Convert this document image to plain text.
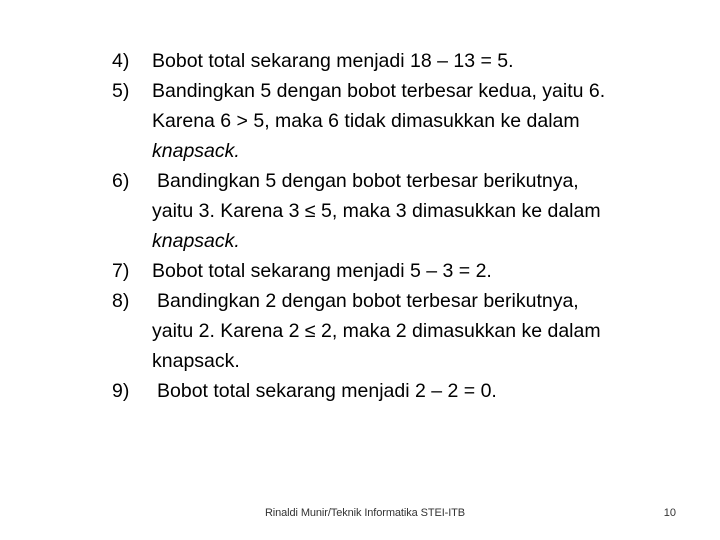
4)	Bobot total sekarang menjadi 18 – 13 = 5.
5)	Bandingkan 5 dengan bobot terbesar kedua, yaitu 6.
Karena 6 > 5, maka 6 tidak dimasukkan ke dalam
knapsack.
6)	Bandingkan 5 dengan bobot terbesar berikutnya,
yaitu 3. Karena 3 ≤ 5, maka 3 dimasukkan ke dalam
knapsack.
7)	Bobot total sekarang menjadi 5 – 3 = 2.
8)	Bandingkan 2 dengan bobot terbesar berikutnya,
yaitu 2. Karena 2 ≤ 2, maka 2 dimasukkan ke dalam
knapsack.
9)	Bobot total sekarang menjadi 2 – 2 = 0.
Rinaldi Munir/Teknik Informatika STEI-ITB	10
